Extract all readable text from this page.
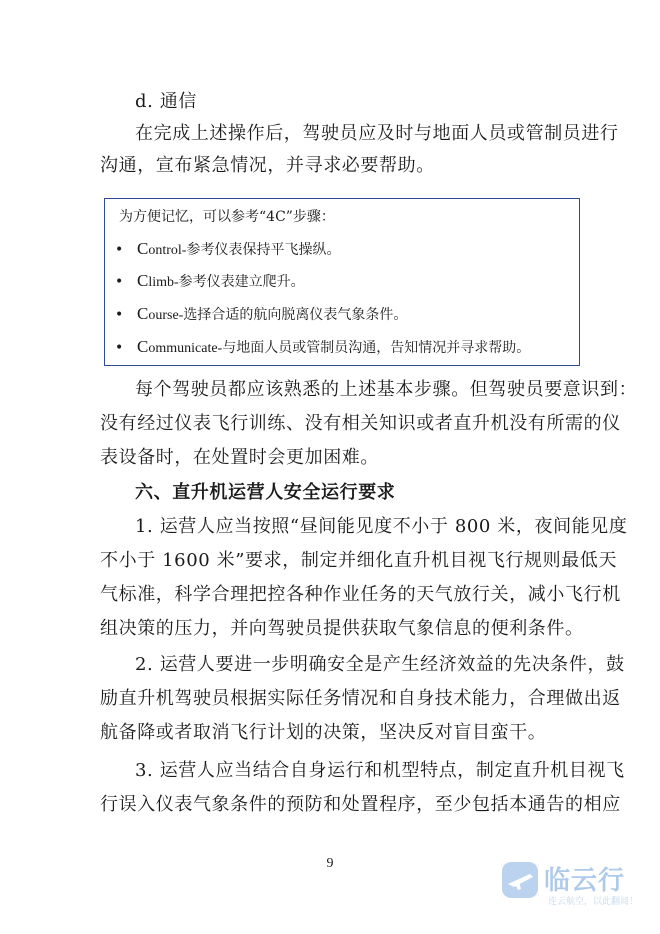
d. 通信
在完成上述操作后，驾驶员应及时与地面人员或管制员进行
沟通，宣布紧急情况，并寻求必要帮助。
为方便记忆，可以参考“4C”步骤：
• Control-参考仪表保持平飞操纵。
• Climb-参考仪表建立爬升。
• Course-选择合适的航向脱离仪表气象条件。
• Communicate-与地面人员或管制员沟通，告知情况并寻求帮助。
每个驾驶员都应该熟悉的上述基本步骤。但驾驶员要意识到：
没有经过仪表飞行训练、没有相关知识或者直升机没有所需的仪
表设备时，在处置时会更加困难。
六、直升机运营人安全运行要求
1. 运营人应当按照“昼间能见度不小于 800 米，夜间能见度
不小于 1600 米”要求，制定并细化直升机目视飞行规则最低天
气标准，科学合理把控各种作业任务的天气放行关，减小飞行机
组决策的压力，并向驾驶员提供获取气象信息的便利条件。
2. 运营人要进一步明确安全是产生经济效益的先决条件，鼓
励直升机驾驶员根据实际任务情况和自身技术能力，合理做出返
航备降或者取消飞行计划的决策，坚决反对盲目蛮干。
3. 运营人应当结合自身运行和机型特点，制定直升机目视飞
行误入仪表气象条件的预防和处置程序，至少包括本通告的相应
9
临云行
连云航空，以此翻阅！
